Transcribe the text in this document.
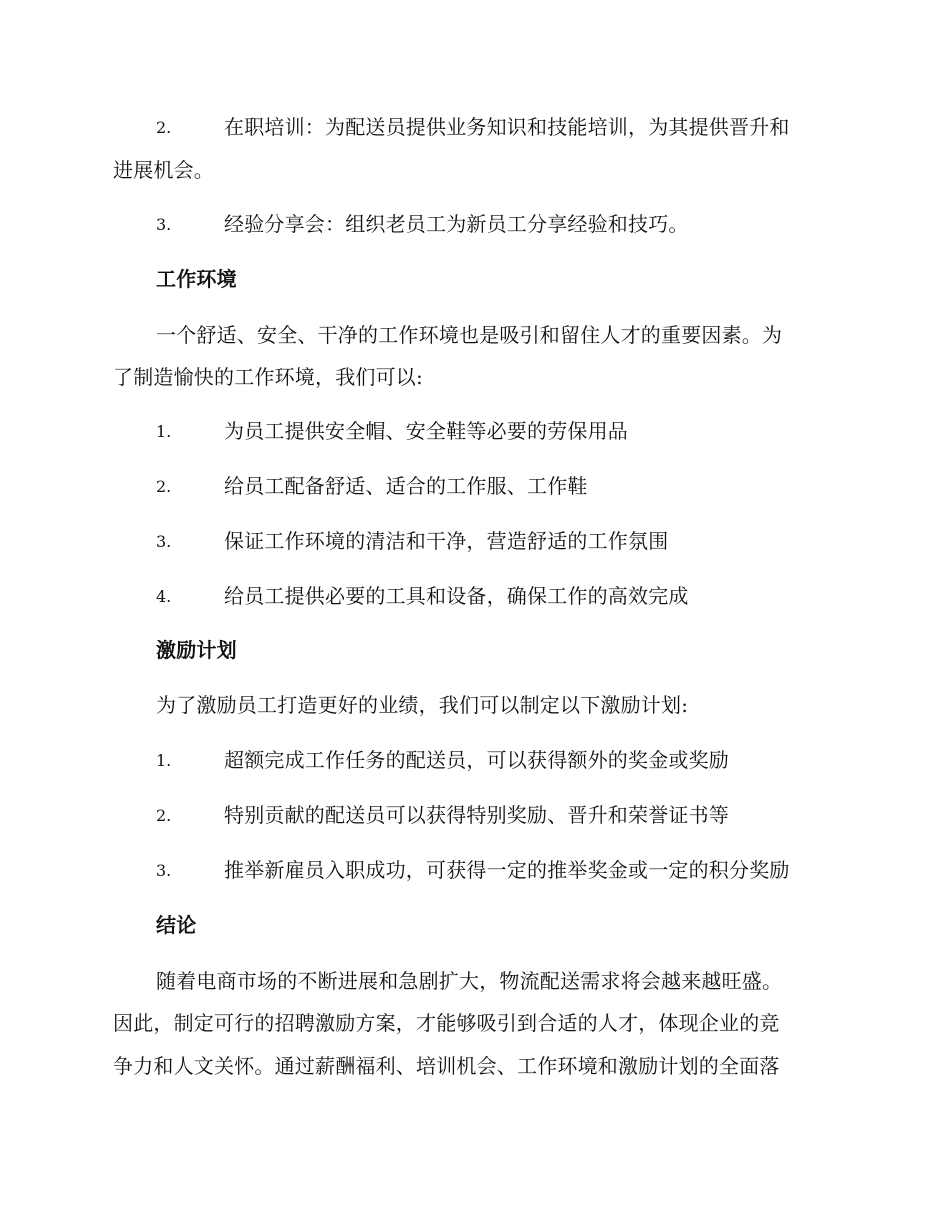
2.	在职培训：为配送员提供业务知识和技能培训，为其提供晋升和
进展机会。
3.	经验分享会：组织老员工为新员工分享经验和技巧。
工作环境
一个舒适、安全、干净的工作环境也是吸引和留住人才的重要因素。为
了制造愉快的工作环境，我们可以:
1.	为员工提供安全帽、安全鞋等必要的劳保用品
2.	给员工配备舒适、适合的工作服、工作鞋
3.	保证工作环境的清洁和干净，营造舒适的工作氛围
4.	给员工提供必要的工具和设备，确保工作的高效完成
激励计划
为了激励员工打造更好的业绩，我们可以制定以下激励计划:
1.	超额完成工作任务的配送员，可以获得额外的奖金或奖励
2.	特别贡献的配送员可以获得特别奖励、晋升和荣誉证书等
3.	推举新雇员入职成功，可获得一定的推举奖金或一定的积分奖励
结论
随着电商市场的不断进展和急剧扩大，物流配送需求将会越来越旺盛。
因此，制定可行的招聘激励方案，才能够吸引到合适的人才，体现企业的竞
争力和人文关怀。通过薪酬福利、培训机会、工作环境和激励计划的全面落
